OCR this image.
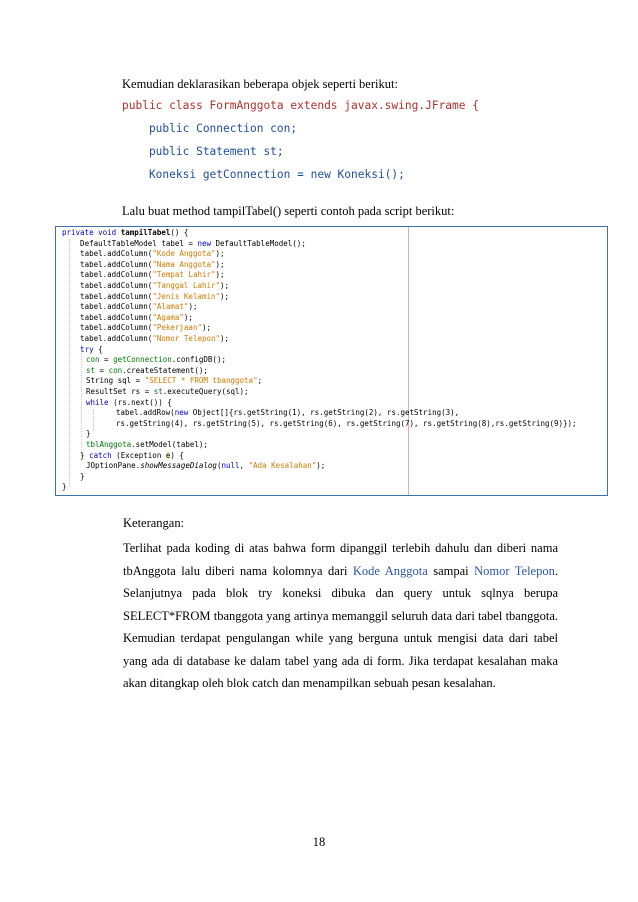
Kemudian deklarasikan beberapa objek seperti berikut:
public class FormAnggota extends javax.swing.JFrame {
public Connection con;
public Statement st;
Koneksi getConnection = new Koneksi();
Lalu buat method tampilTabel() seperti contoh pada script berikut:
private void tampilTabel() {
DefaultTableModel tabel = new DefaultTableModel();
tabel.addColumn("Kode Anggota");
tabel.addColumn("Nama Anggota");
tabel.addColumn("Tempat Lahir");
tabel.addColumn("Tanggal Lahir");
tabel.addColumn("Jenis Kelamin");
tabel.addColumn("Alamat");
tabel.addColumn("Agama");
tabel.addColumn("Pekerjaan");
tabel.addColumn("Nomor Telepon");
try {
con = getConnection.configDB();
st = con.createStatement();
String sql = "SELECT * FROM tbanggota";
ResultSet rs = st.executeQuery(sql);
while (rs.next()) {
tabel.addRow(new Object[]{rs.getString(1), rs.getString(2), rs.getString(3),
rs.getString(4), rs.getString(5), rs.getString(6), rs.getString(7), rs.getString(8),rs.getString(9)});
}
tblAnggota.setModel(tabel);
} catch (Exception e) {
JOptionPane.showMessageDialog(null, "Ada Kesalahan");
}
}
Keterangan:
Terlihat pada koding di atas bahwa form dipanggil terlebih dahulu dan diberi nama tbAnggota lalu diberi nama kolomnya dari Kode Anggota sampai Nomor Telepon. Selanjutnya pada blok try koneksi dibuka dan query untuk sqlnya berupa SELECT*FROM tbanggota yang artinya memanggil seluruh data dari tabel tbanggota. Kemudian terdapat pengulangan while yang berguna untuk mengisi data dari tabel yang ada di database ke dalam tabel yang ada di form. Jika terdapat kesalahan maka akan ditangkap oleh blok catch dan menampilkan sebuah pesan kesalahan.
18
